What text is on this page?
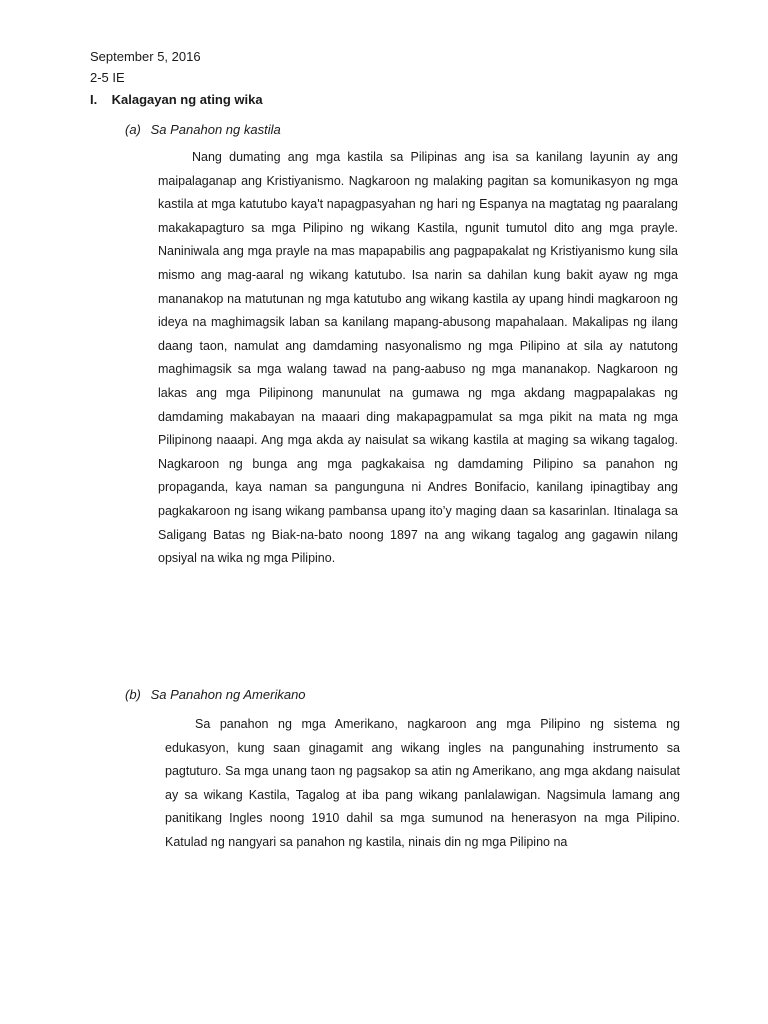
September 5, 2016
2-5 IE
I. Kalagayan ng ating wika
(a) Sa Panahon ng kastila

Nang dumating ang mga kastila sa Pilipinas ang isa sa kanilang layunin ay ang maipalaganap ang Kristiyanismo. Nagkaroon ng malaking pagitan sa komunikasyon ng mga kastila at mga katutubo kaya't napagpasyahan ng hari ng Espanya na magtatag ng paaralang makakapagturo sa mga Pilipino ng wikang Kastila, ngunit tumutol dito ang mga prayle. Naniniwala ang mga prayle na mas mapapabilis ang pagpapakalat ng Kristiyanismo kung sila mismo ang mag-aaral ng wikang katutubo. Isa narin sa dahilan kung bakit ayaw ng mga mananakop na matutunan ng mga katutubo ang wikang kastila ay upang hindi magkaroon ng ideya na maghimagsik laban sa kanilang mapang-abusong mapahalaan. Makalipas ng ilang daang taon, namulat ang damdaming nasyonalismo ng mga Pilipino at sila ay natutong maghimagsik sa mga walang tawad na pang-aabuso ng mga mananakop. Nagkaroon ng lakas ang mga Pilipinong manunulat na gumawa ng mga akdang magpapalakas ng damdaming makabayan na maaari ding makapagpamulat sa mga pikit na mata ng mga Pilipinong naaapi. Ang mga akda ay naisulat sa wikang kastila at maging sa wikang tagalog. Nagkaroon ng bunga ang mga pagkakaisa ng damdaming Pilipino sa panahon ng propaganda, kaya naman sa pangunguna ni Andres Bonifacio, kanilang ipinagtibay ang pagkakaroon ng isang wikang pambansa upang ito’y maging daan sa kasarinlan. Itinalaga sa Saligang Batas ng Biak-na-bato noong 1897 na ang wikang tagalog ang gagawin nilang opsiyal na wika ng mga Pilipino.

(b) Sa Panahon ng Amerikano

Sa panahon ng mga Amerikano, nagkaroon ang mga Pilipino ng sistema ng edukasyon, kung saan ginagamit ang wikang ingles na pangunahing instrumento sa pagtuturo. Sa mga unang taon ng pagsakop sa atin ng Amerikano, ang mga akdang naisulat ay sa wikang Kastila, Tagalog at iba pang wikang panlalawigan. Nagsimula lamang ang panitikang Ingles noong 1910 dahil sa mga sumunod na henerasyon na mga Pilipino. Katulad ng nangyari sa panahon ng kastila, ninais din ng mga Pilipino na
